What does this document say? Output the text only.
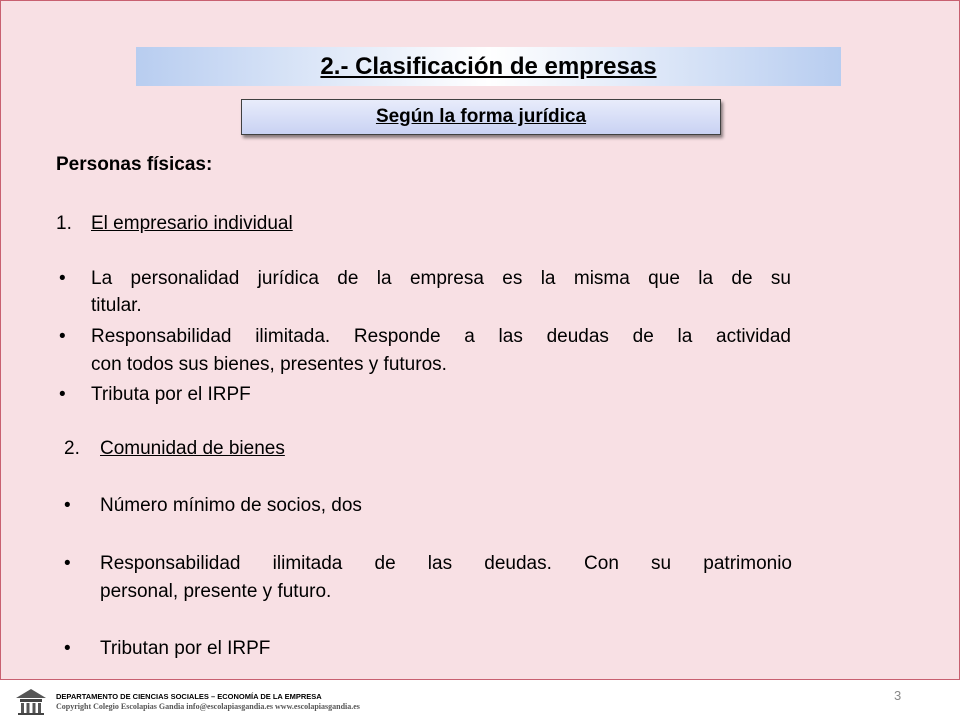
2.- Clasificación de empresas
Según la forma jurídica
Personas físicas:
1. El empresario individual
• La personalidad jurídica de la empresa es la misma que la de su
titular.
• Responsabilidad ilimitada. Responde a las deudas de la actividad
con todos sus bienes, presentes y futuros.
• Tributa por el IRPF
2. Comunidad de bienes
• Número mínimo de socios, dos
• Responsabilidad ilimitada de las deudas. Con su patrimonio
personal, presente y futuro.
• Tributan por el IRPF
DEPARTAMENTO DE CIENCIAS SOCIALES – ECONOMÍA DE LA EMPRESA
Copyright Colegio Escolapias Gandia info@escolapiasgandia.es www.escolapiasgandia.es
3
